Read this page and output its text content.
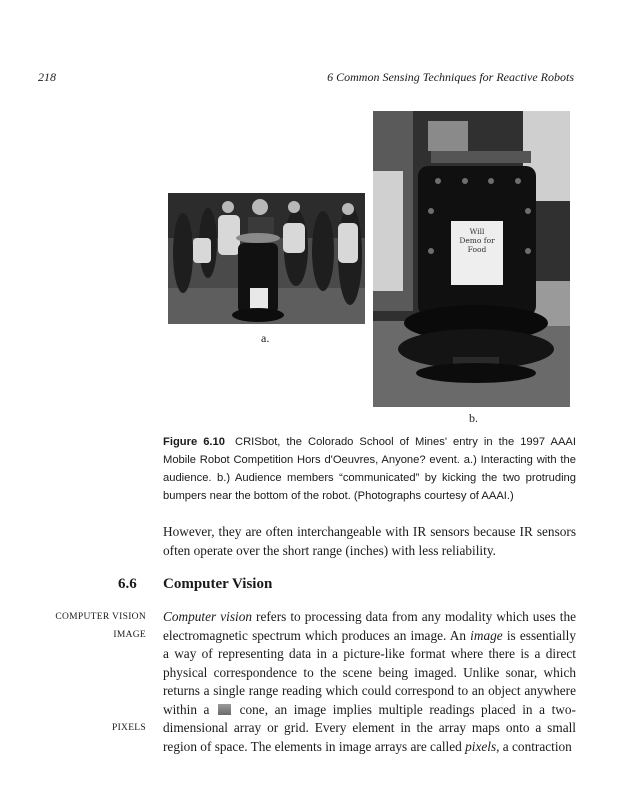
218	6 Common Sensing Techniques for Reactive Robots
Will
Demo for
Food
a.
b.
Figure 6.10 CRISbot, the Colorado School of Mines' entry in the 1997 AAAI Mobile Robot Competition Hors d'Oeuvres, Anyone? event. a.) Interacting with the audience. b.) Audience members “communicated” by kicking the two protruding bumpers near the bottom of the robot. (Photographs courtesy of AAAI.)
However, they are often interchangeable with IR sensors because IR sensors often operate over the short range (inches) with less reliability.
6.6 Computer Vision
COMPUTER VISION
IMAGE
PIXELS
Computer vision refers to processing data from any modality which uses the electromagnetic spectrum which produces an image. An image is essentially a way of representing data in a picture-like format where there is a direct physical correspondence to the scene being imaged. Unlike sonar, which returns a single range reading which could correspond to an object anywhere within a  cone, an image implies multiple readings placed in a two-dimensional array or grid. Every element in the array maps onto a small region of space. The elements in image arrays are called pixels, a contraction
